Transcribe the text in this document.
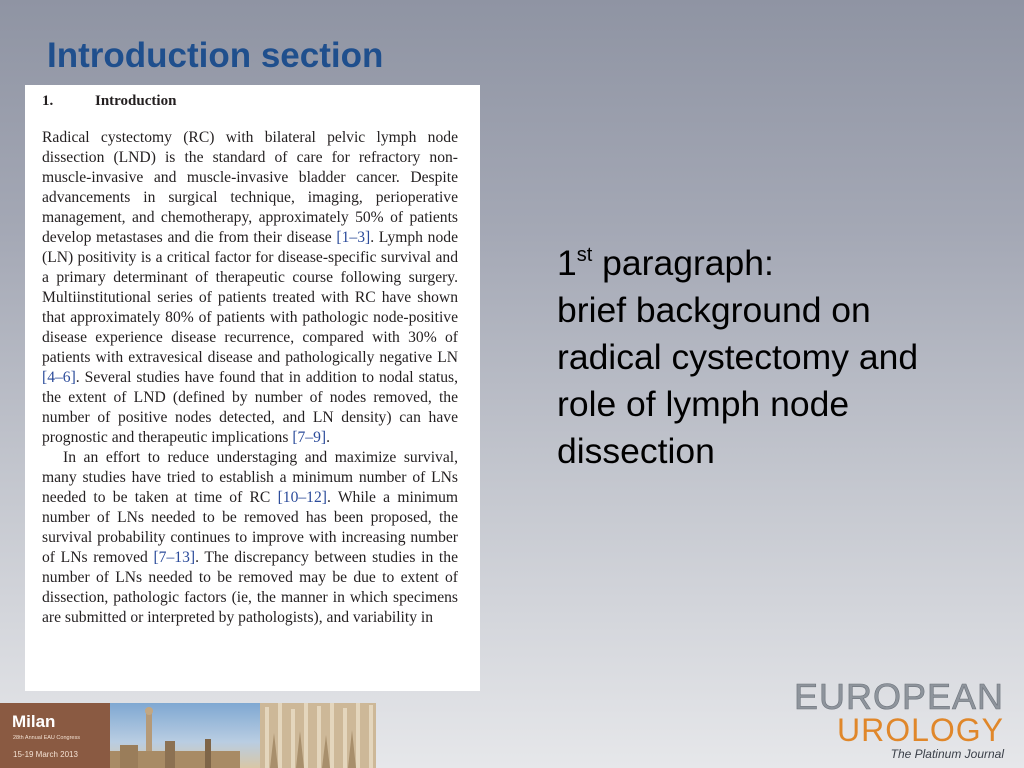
Introduction section
1.	Introduction

Radical cystectomy (RC) with bilateral pelvic lymph node dissection (LND) is the standard of care for refractory non-muscle-invasive and muscle-invasive bladder cancer. Despite advancements in surgical technique, imaging, perioperative management, and chemotherapy, approximately 50% of patients develop metastases and die from their disease [1–3]. Lymph node (LN) positivity is a critical factor for disease-specific survival and a primary determinant of therapeutic course following surgery. Multiinstitutional series of patients treated with RC have shown that approximately 80% of patients with pathologic node-positive disease experience disease recurrence, compared with 30% of patients with extravesical disease and pathologically negative LN [4–6]. Several studies have found that in addition to nodal status, the extent of LND (defined by number of nodes removed, the number of positive nodes detected, and LN density) can have prognostic and therapeutic implications [7–9].

In an effort to reduce understaging and maximize survival, many studies have tried to establish a minimum number of LNs needed to be taken at time of RC [10–12]. While a minimum number of LNs needed to be removed has been proposed, the survival probability continues to improve with increasing number of LNs removed [7–13]. The discrepancy between studies in the number of LNs needed to be removed may be due to extent of dissection, pathologic factors (ie, the manner in which specimens are submitted or interpreted by pathologists), and variability in

1st paragraph:
brief background on
radical cystectomy and
role of lymph node
dissection
Milan
28th Annual EAU Congress
15-19 March 2013
EUROPEAN
UROLOGY
The Platinum Journal
